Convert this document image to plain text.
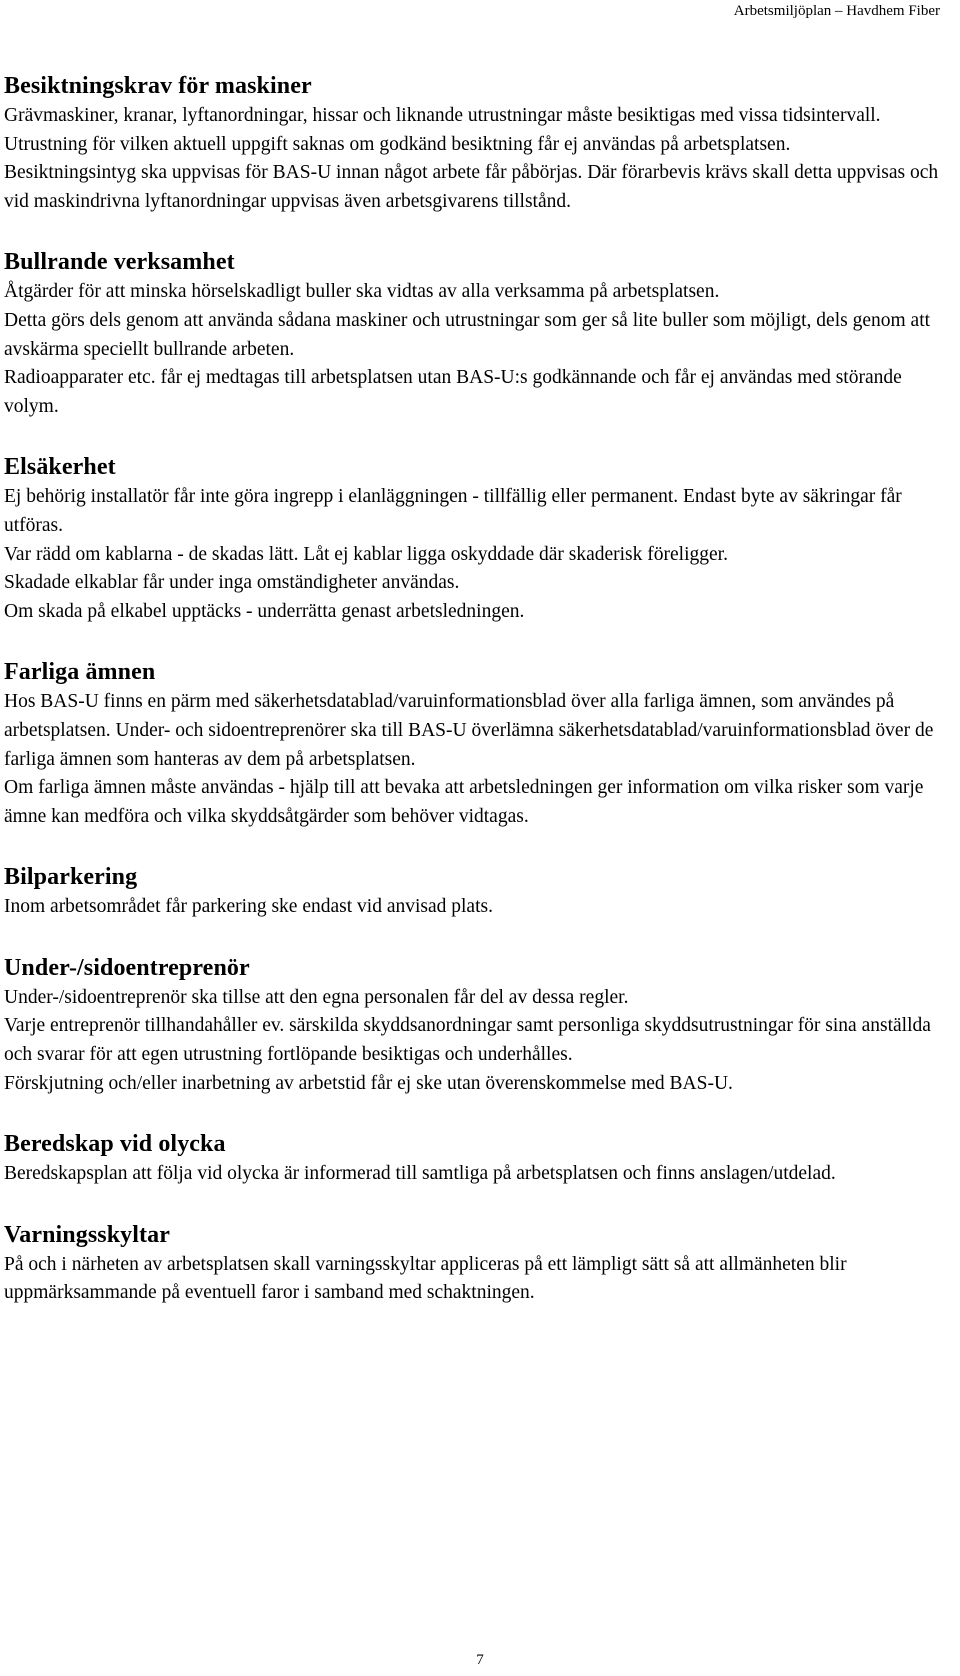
Arbetsmiljöplan – Havdhem Fiber
Besiktningskrav för maskiner

Grävmaskiner, kranar, lyftanordningar, hissar och liknande utrustningar måste besiktigas med vissa tidsintervall.

Utrustning för vilken aktuell uppgift saknas om godkänd besiktning får ej användas på arbetsplatsen.

Besiktningsintyg ska uppvisas för BAS-U innan något arbete får påbörjas. Där förarbevis krävs skall detta uppvisas och vid maskindrivna lyftanordningar uppvisas även arbetsgivarens tillstånd.

Bullrande verksamhet

Åtgärder för att minska hörselskadligt buller ska vidtas av alla verksamma på arbetsplatsen.

Detta görs dels genom att använda sådana maskiner och utrustningar som ger så lite buller som möjligt, dels genom att avskärma speciellt bullrande arbeten.

Radioapparater etc. får ej medtagas till arbetsplatsen utan BAS-U:s godkännande och får ej användas med störande volym.

Elsäkerhet

Ej behörig installatör får inte göra ingrepp i elanläggningen - tillfällig eller permanent. Endast byte av säkringar får utföras.

Var rädd om kablarna - de skadas lätt. Låt ej kablar ligga oskyddade där skaderisk föreligger.

Skadade elkablar får under inga omständigheter användas.

Om skada på elkabel upptäcks - underrätta genast arbetsledningen.

Farliga ämnen

Hos BAS-U finns en pärm med säkerhetsdatablad/varuinformationsblad över alla farliga ämnen, som användes på arbetsplatsen. Under- och sidoentreprenörer ska till BAS-U överlämna säkerhetsdatablad/varuinformationsblad över de farliga ämnen som hanteras av dem på arbetsplatsen.

Om farliga ämnen måste användas - hjälp till att bevaka att arbetsledningen ger information om vilka risker som varje ämne kan medföra och vilka skyddsåtgärder som behöver vidtagas.

Bilparkering

Inom arbetsområdet får parkering ske endast vid anvisad plats.

Under-/sidoentreprenör

Under-/sidoentreprenör ska tillse att den egna personalen får del av dessa regler.

Varje entreprenör tillhandahåller ev. särskilda skyddsanordningar samt personliga skyddsutrustningar för sina anställda och svarar för att egen utrustning fortlöpande besiktigas och underhålles.

Förskjutning och/eller inarbetning av arbetstid får ej ske utan överenskommelse med BAS-U.

Beredskap vid olycka

Beredskapsplan att följa vid olycka är informerad till samtliga på arbetsplatsen och finns anslagen/utdelad.

Varningsskyltar

På och i närheten av arbetsplatsen skall varningsskyltar appliceras på ett lämpligt sätt så att allmänheten blir uppmärksammande på eventuell faror i samband med schaktningen.

7
